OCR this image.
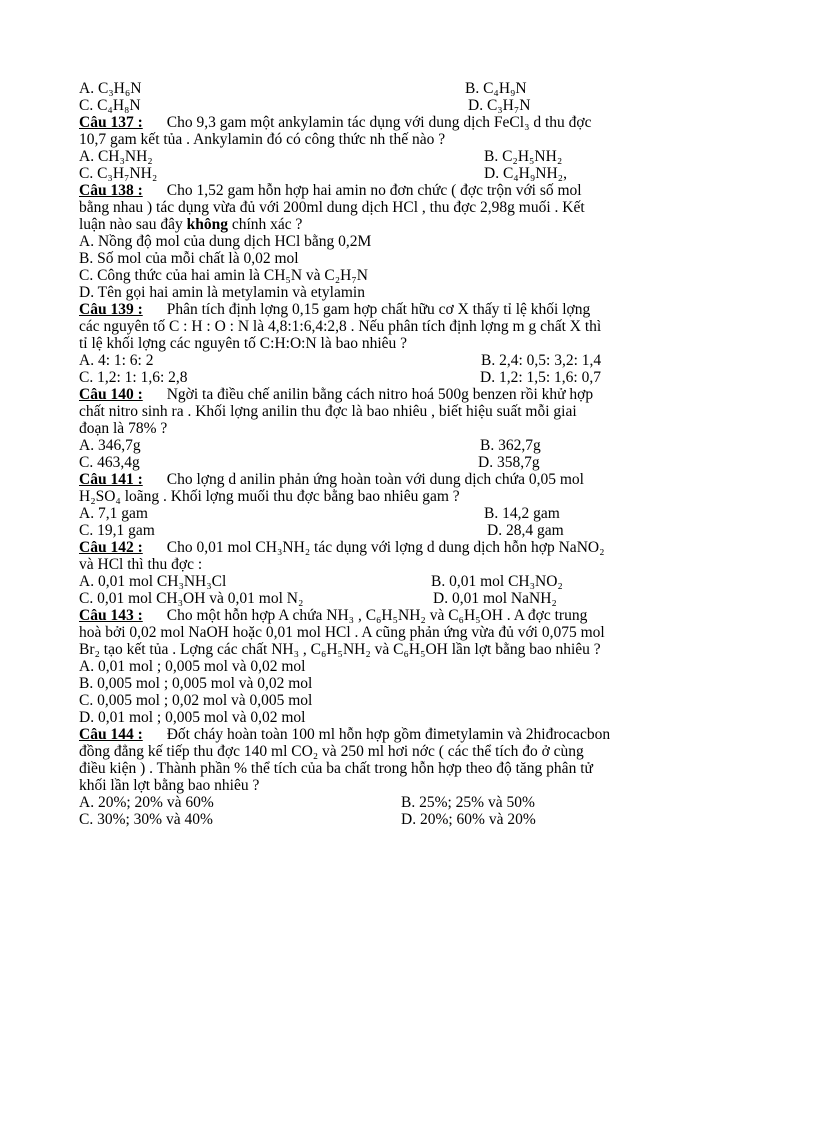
A. C₃H₆N	B. C₄H₉N
C. C₄H₈N	D. C₃H₇N
Câu 137 : Cho 9,3 gam một ankylamin tác dụng với dung dịch FeCl₃ d thu đợc
10,7 gam kết tủa . Ankylamin đó có công thức nh thế nào ?
A. CH₃NH₂	B. C₂H₅NH₂
C. C₃H₇NH₂	D. C₄H₉NH₂,
Câu 138 : Cho 1,52 gam hỗn hợp hai amin no đơn chức ( đợc trộn với số mol
bằng nhau ) tác dụng vừa đủ với 200ml dung dịch HCl , thu đợc 2,98g muối . Kết
luận nào sau đây không chính xác ?
A. Nồng độ mol của dung dịch HCl bằng 0,2M
B. Số mol của mỗi chất là 0,02 mol
C. Công thức của hai amin là CH₅N và C₂H₇N
D. Tên gọi hai amin là metylamin và etylamin
Câu 139 : Phân tích định lợng 0,15 gam hợp chất hữu cơ X thấy tỉ lệ khối lợng
các nguyên tố C : H : O : N là 4,8:1:6,4:2,8 . Nếu phân tích định lợng m g chất X thì
tỉ lệ khối lợng các nguyên tố C:H:O:N là bao nhiêu ?
A. 4: 1: 6: 2	B. 2,4: 0,5: 3,2: 1,4
C. 1,2: 1: 1,6: 2,8	D. 1,2: 1,5: 1,6: 0,7
Câu 140 : Ngời ta điều chế anilin bằng cách nitro hoá 500g benzen rồi khử hợp
chất nitro sinh ra . Khối lợng anilin thu đợc là bao nhiêu , biết hiệu suất mỗi giai
đoạn là 78% ?
A. 346,7g	B. 362,7g
C. 463,4g	D. 358,7g
Câu 141 : Cho lợng d anilin phản ứng hoàn toàn với dung dịch chứa 0,05 mol
H₂SO₄ loãng . Khối lợng muối thu đợc bằng bao nhiêu gam ?
A. 7,1 gam	B. 14,2 gam
C. 19,1 gam	D. 28,4 gam
Câu 142 : Cho 0,01 mol CH₃NH₂ tác dụng với lợng d dung dịch hỗn hợp NaNO₂
và HCl thì thu đợc :
A. 0,01 mol CH₃NH₃Cl	B. 0,01 mol CH₃NO₂
C. 0,01 mol CH₃OH và 0,01 mol N₂	D. 0,01 mol NaNH₂
Câu 143 : Cho một hỗn hợp A chứa NH₃ , C₆H₅NH₂ và C₆H₅OH . A đợc trung
hoà bởi 0,02 mol NaOH hoặc 0,01 mol HCl . A cũng phản ứng vừa đủ với 0,075 mol
Br₂ tạo kết tủa . Lợng các chất NH₃ , C₆H₅NH₂ và C₆H₅OH lần lợt bằng bao nhiêu ?
A. 0,01 mol ; 0,005 mol và 0,02 mol
B. 0,005 mol ; 0,005 mol và 0,02 mol
C. 0,005 mol ; 0,02 mol và 0,005 mol
D. 0,01 mol ; 0,005 mol và 0,02 mol
Câu 144 : Đốt cháy hoàn toàn 100 ml hỗn hợp gồm đimetylamin và 2hiđrocacbon
đồng đẳng kế tiếp thu đợc 140 ml CO₂ và 250 ml hơi nớc ( các thể tích đo ở cùng
điều kiện ) . Thành phần % thể tích của ba chất trong hỗn hợp theo độ tăng phân tử
khối lần lợt bằng bao nhiêu ?
A. 20%; 20% và 60%	B. 25%; 25% và 50%
C. 30%; 30% và 40%	D. 20%; 60% và 20%
